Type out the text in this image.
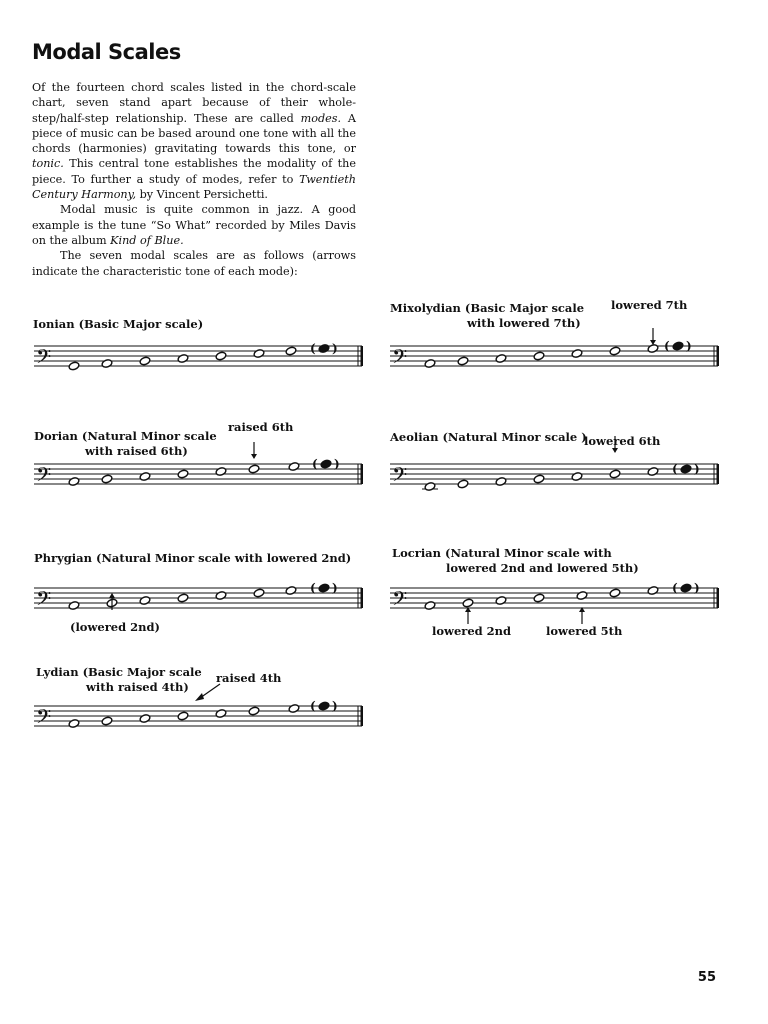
Modal Scales

Of the fourteen chord scales listed in the chord-scale chart, seven stand apart because of their whole-step/half-step relationship. These are called modes. A piece of music can be based around one tone with all the chords (harmonies) gravitating towards this tone, or tonic. This central tone establishes the modality of the piece. To further a study of modes, refer to Twentieth Century Harmony, by Vincent Persichetti.

Modal music is quite common in jazz. A good example is the tune “So What” recorded by Miles Davis on the album Kind of Blue.

The seven modal scales are as follows (arrows indicate the characteristic tone of each mode):

Ionian (Basic Major scale)
Mixolydian (Basic Major scale
with lowered 7th)
lowered 7th
Dorian (Natural Minor scale
with raised 6th)
raised 6th
Aeolian (Natural Minor scale )
lowered 6th
Phrygian (Natural Minor scale with lowered 2nd)
(lowered 2nd)
Locrian (Natural Minor scale with
lowered 2nd and lowered 5th)
lowered 2nd	lowered 5th
Lydian (Basic Major scale
with raised 4th)
raised 4th
𝄢	( ) 𝄢	( )
𝄢	( ) 𝄢	( )
𝄢	( ) 𝄢	( )
𝄢	( )
55
